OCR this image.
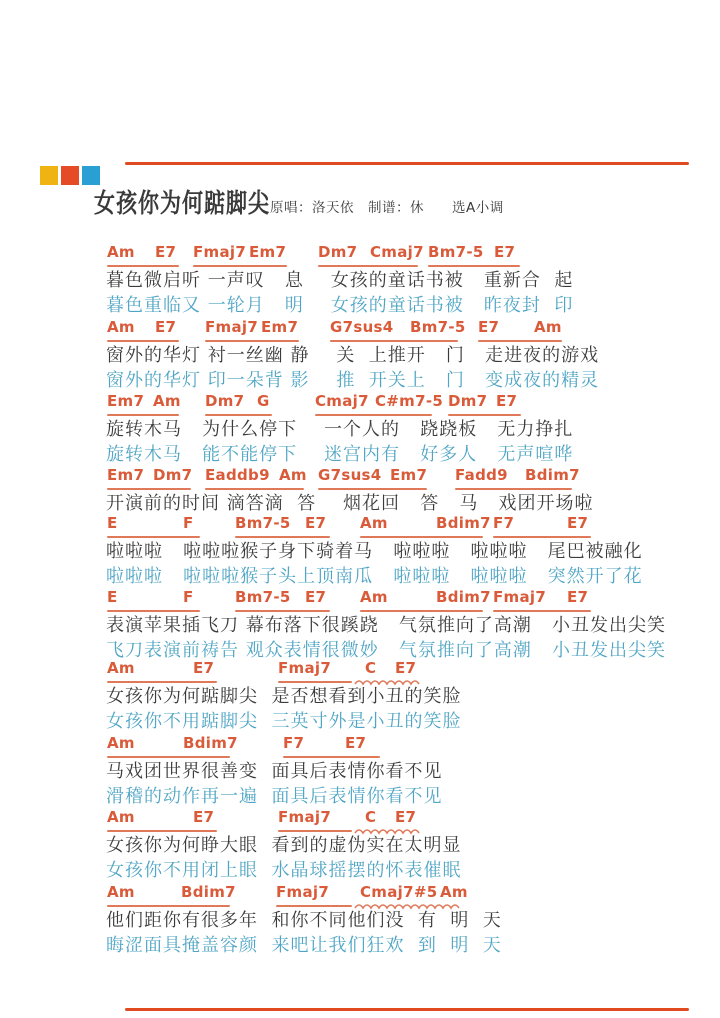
女孩你为何踮脚尖 原唱：洛天依　制谱：休　　选A小调
Am E7 Fmaj7 Em7 Dm7 Cmaj7 Bm7-5 E7
暮色微启听 一声叹   息    女孩的童话书被   重新合  起
暮色重临又 一轮月   明    女孩的童话书被   昨夜封  印
Am E7 Fmaj7 Em7 G7sus4 Bm7-5 E7 Am
窗外的华灯 衬一丝幽 静    关  上推开   门   走进夜的游戏
窗外的华灯 印一朵背 影    推  开关上   门   变成夜的精灵
Em7 Am Dm7 G	Cmaj7 C#m7-5 Dm7 E7
旋转木马   为什么停下    一个人的   跷跷板   无力挣扎
旋转木马   能不能停下    迷宫内有   好多人   无声喧哗
Em7 Dm7 Eaddb9 Am G7sus4 Em7 Fadd9 Bdim7
开演前的时间 滴答滴  答    烟花回   答   马   戏团开场啦
E	F	Bm7-5 E7 Am	Bdim7 F7	E7
啦啦啦   啦啦啦猴子身下骑着马   啦啦啦   啦啦啦   尾巴被融化
啦啦啦   啦啦啦猴子头上顶南瓜   啦啦啦   啦啦啦   突然开了花
E	F	Bm7-5 E7 Am	Bdim7 Fmaj7 E7
表演苹果插飞刀 幕布落下很蹊跷   气氛推向了高潮   小丑发出尖笑
飞刀表演前祷告 观众表情很微妙   气氛推向了高潮   小丑发出尖笑
Am	E7	Fmaj7 C E7
女孩你为何踮脚尖  是否想看到小丑的笑脸
女孩你不用踮脚尖  三英寸外是小丑的笑脸
Am	Bdim7	F7	E7
马戏团世界很善变  面具后表情你看不见
滑稽的动作再一遍  面具后表情你看不见
Am	E7	Fmaj7 C E7
女孩你为何睁大眼  看到的虚伪实在太明显
女孩你不用闭上眼  水晶球摇摆的怀表催眠
Am	Bdim7	Fmaj7 Cmaj7#5 Am
他们距你有很多年  和你不同他们没  有  明  天
晦涩面具掩盖容颜  来吧让我们狂欢  到  明  天
